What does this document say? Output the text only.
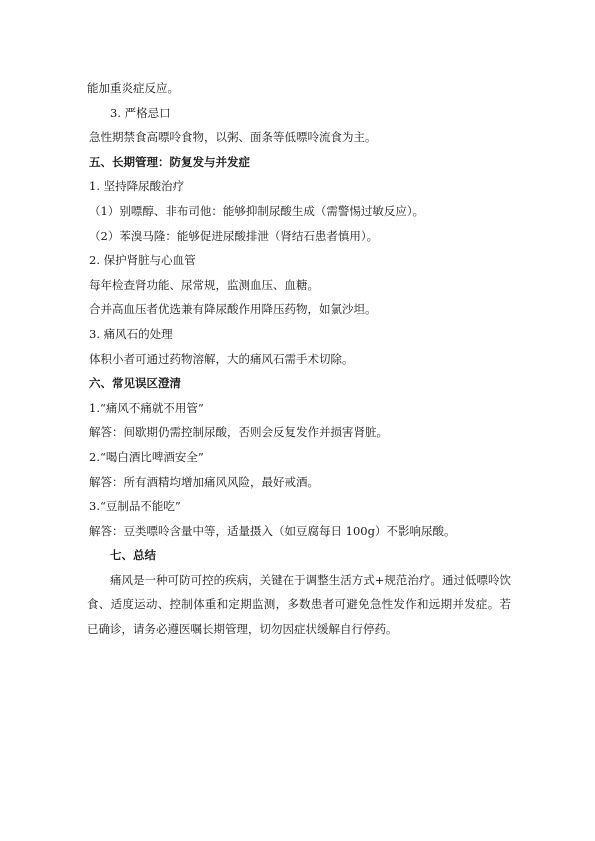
能加重炎症反应。
3. 严格忌口
急性期禁食高嘌呤食物，以粥、面条等低嘌呤流食为主。
五、长期管理：防复发与并发症
1. 坚持降尿酸治疗
（1）别嘌醇、非布司他：能够抑制尿酸生成（需警惕过敏反应）。
（2）苯溴马隆：能够促进尿酸排泄（肾结石患者慎用）。
2. 保护肾脏与心血管
每年检查肾功能、尿常规，监测血压、血糖。
合并高血压者优选兼有降尿酸作用降压药物，如氯沙坦。
3. 痛风石的处理
体积小者可通过药物溶解，大的痛风石需手术切除。
六、常见误区澄清
1.“痛风不痛就不用管”
解答：间歇期仍需控制尿酸，否则会反复发作并损害肾脏。
2.“喝白酒比啤酒安全”
解答：所有酒精均增加痛风风险，最好戒酒。
3.“豆制品不能吃”
解答：豆类嘌呤含量中等，适量摄入（如豆腐每日 100g）不影响尿酸。
七、总结
痛风是一种可防可控的疾病，关键在于调整生活方式+规范治疗。通过低嘌呤饮食、适度运动、控制体重和定期监测，多数患者可避免急性发作和远期并发症。若已确诊，请务必遵医嘱长期管理，切勿因症状缓解自行停药。
